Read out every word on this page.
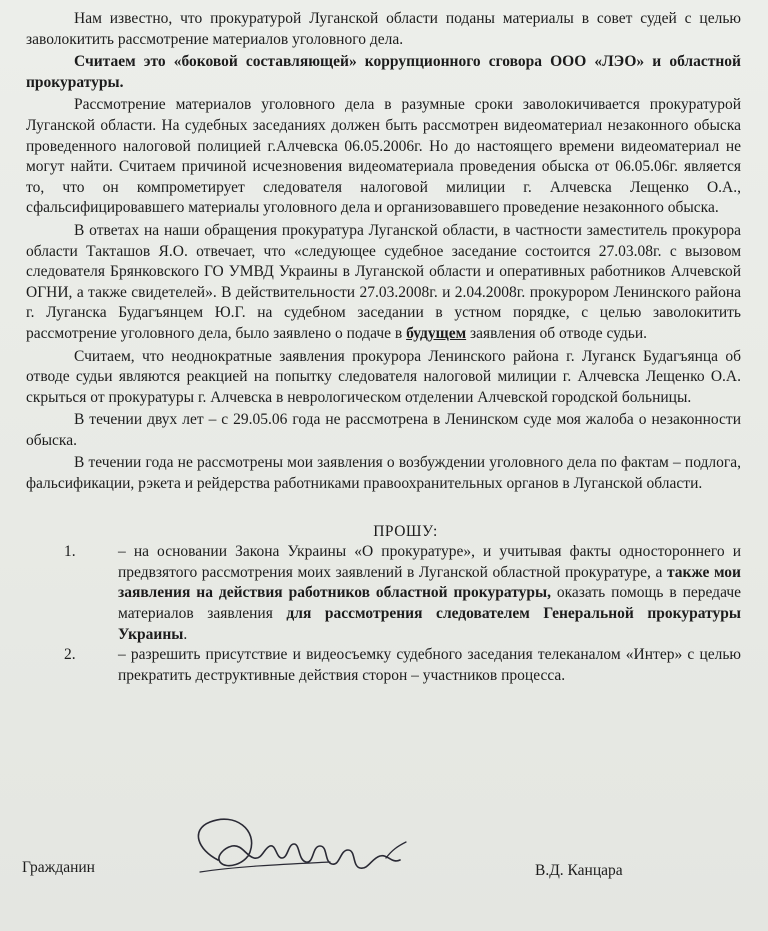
Нам известно, что прокуратурой Луганской области поданы материалы в совет судей с целью заволокитить рассмотрение материалов уголовного дела.

Считаем это «боковой составляющей» коррупционного сговора ООО «ЛЭО» и областной прокуратуры.

Рассмотрение материалов уголовного дела в разумные сроки заволокичивается прокуратурой Луганской области. На судебных заседаниях должен быть рассмотрен видеоматериал незаконного обыска проведенного налоговой полицией г.Алчевска 06.05.2006г. Но до настоящего времени видеоматериал не могут найти. Считаем причиной исчезновения видеоматериала проведения обыска от 06.05.06г. является то, что он компрометирует следователя налоговой милиции г. Алчевска Лещенко О.А., сфальсифицировавшего материалы уголовного дела и организовавшего проведение незаконного обыска.

В ответах на наши обращения прокуратура Луганской области, в частности заместитель прокурора области Такташов Я.О. отвечает, что «следующее судебное заседание состоится 27.03.08г. с вызовом следователя Брянковского ГО УМВД Украины в Луганской области и оперативных работников Алчевской ОГНИ, а также свидетелей». В действительности 27.03.2008г. и 2.04.2008г. прокурором Ленинского района г. Луганска Будагъянцем Ю.Г. на судебном заседании в устном порядке, с целью заволокитить рассмотрение уголовного дела, было заявлено о подаче в будущем заявления об отводе судьи.

Считаем, что неоднократные заявления прокурора Ленинского района г. Луганск Будагъянца об отводе судьи являются реакцией на попытку следователя налоговой милиции г. Алчевска Лещенко О.А. скрыться от прокуратуры г. Алчевска в неврологическом отделении Алчевской городской больницы.

В течении двух лет – с 29.05.06 года не рассмотрена в Ленинском суде моя жалоба о незаконности обыска.

В течении года не рассмотрены мои заявления о возбуждении уголовного дела по фактам – подлога, фальсификации, рэкета и рейдерства работниками правоохранительных органов в Луганской области.

ПРОШУ:

1.	– на основании Закона Украины «О прокуратуре», и учитывая факты одностороннего и предвзятого рассмотрения моих заявлений в Луганской областной прокуратуре, а также мои заявления на действия работников областной прокуратуры, оказать помощь в передаче материалов заявления для рассмотрения следователем Генеральной прокуратуры Украины.
2.	– разрешить присутствие и видеосъемку судебного заседания телеканалом «Интер» с целью прекратить деструктивные действия сторон – участников процесса.
Гражданин	В.Д. Канцара
